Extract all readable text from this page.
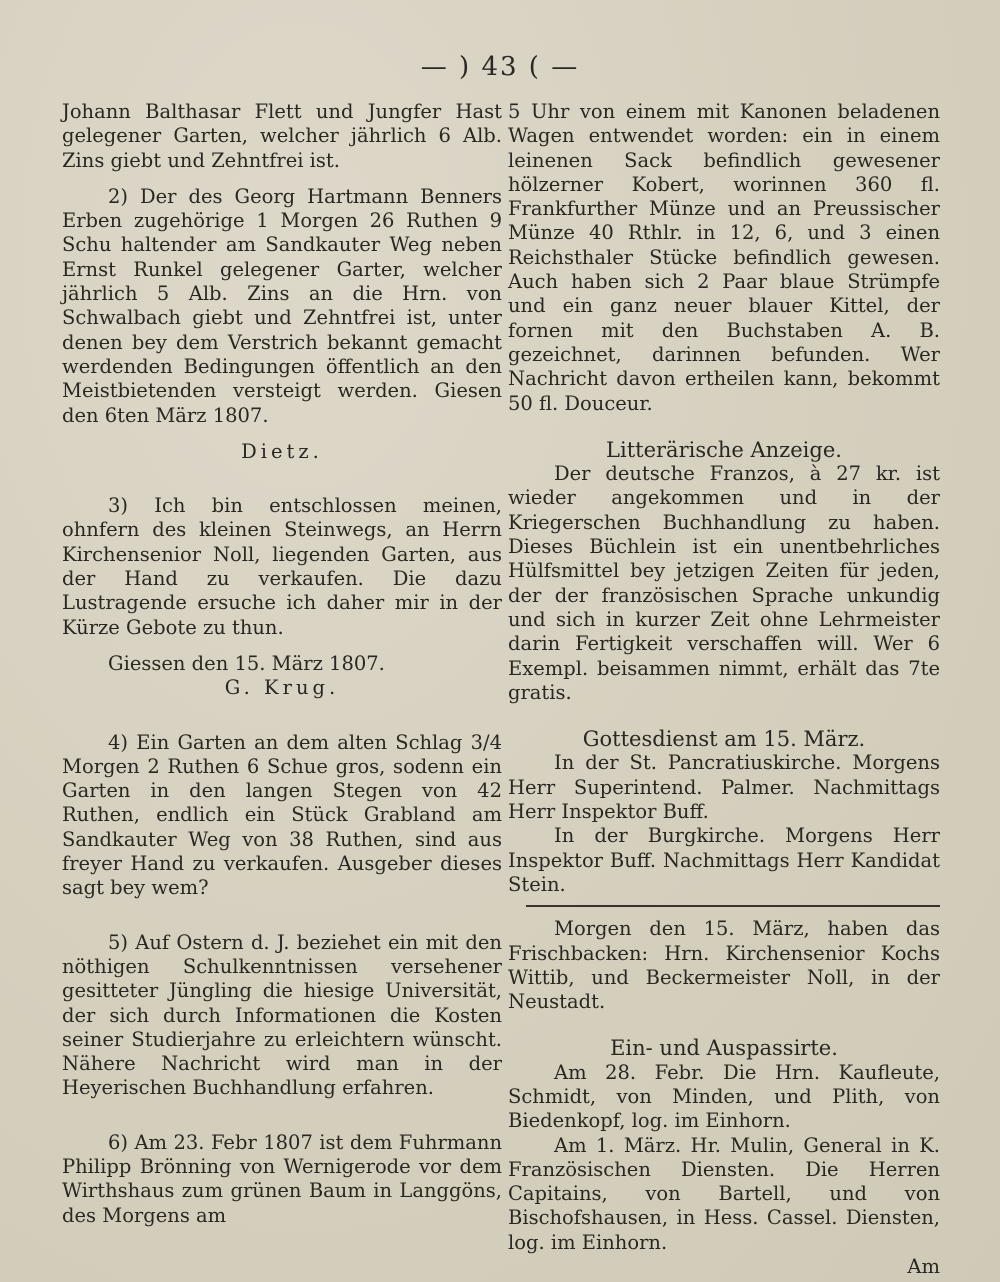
— ) 43 ( —

Johann Balthasar Flett und Jungfer Hast gelegener Garten, welcher jährlich 6 Alb. Zins giebt und Zehntfrei ist.

2) Der des Georg Hartmann Benners Erben zugehörige 1 Morgen 26 Ruthen 9 Schu haltender am Sandkauter Weg neben Ernst Runkel gelegener Garter, welcher jährlich 5 Alb. Zins an die Hrn. von Schwalbach giebt und Zehntfrei ist, unter denen bey dem Verstrich bekannt gemacht werdenden Bedingungen öffentlich an den Meistbietenden versteigt werden. Giesen den 6ten März 1807.

Dietz.

3) Ich bin entschlossen meinen, ohnfern des kleinen Steinwegs, an Herrn Kirchensenior Noll, liegenden Garten, aus der Hand zu verkaufen. Die dazu Lustragende ersuche ich daher mir in der Kürze Gebote zu thun.

Giessen den 15. März 1807.

G. Krug.

4) Ein Garten an dem alten Schlag 3/4 Morgen 2 Ruthen 6 Schue gros, sodenn ein Garten in den langen Stegen von 42 Ruthen, endlich ein Stück Grabland am Sandkauter Weg von 38 Ruthen, sind aus freyer Hand zu verkaufen. Ausgeber dieses sagt bey wem?

5) Auf Ostern d. J. beziehet ein mit den nöthigen Schulkenntnissen versehener gesitteter Jüngling die hiesige Universität, der sich durch Informationen die Kosten seiner Studierjahre zu erleichtern wünscht. Nähere Nachricht wird man in der Heyerischen Buchhandlung erfahren.

6) Am 23. Febr 1807 ist dem Fuhrmann Philipp Brönning von Wernigerode vor dem Wirthshaus zum grünen Baum in Langgöns, des Morgens am

5 Uhr von einem mit Kanonen beladenen Wagen entwendet worden: ein in einem leinenen Sack befindlich gewesener hölzerner Kobert, worinnen 360 fl. Frankfurther Münze und an Preussischer Münze 40 Rthlr. in 12, 6, und 3 einen Reichsthaler Stücke befindlich gewesen. Auch haben sich 2 Paar blaue Strümpfe und ein ganz neuer blauer Kittel, der fornen mit den Buchstaben A. B. gezeichnet, darinnen befunden. Wer Nachricht davon ertheilen kann, bekommt 50 fl. Douceur.

Litterärische Anzeige.

Der deutsche Franzos, à 27 kr. ist wieder angekommen und in der Kriegerschen Buchhandlung zu haben. Dieses Büchlein ist ein unentbehrliches Hülfsmittel bey jetzigen Zeiten für jeden, der der französischen Sprache unkundig und sich in kurzer Zeit ohne Lehrmeister darin Fertigkeit verschaffen will. Wer 6 Exempl. beisammen nimmt, erhält das 7te gratis.

Gottesdienst am 15. März.

In der St. Pancratiuskirche. Morgens Herr Superintend. Palmer. Nachmittags Herr Inspektor Buff.

In der Burgkirche. Morgens Herr Inspektor Buff. Nachmittags Herr Kandidat Stein.

Morgen den 15. März, haben das Frischbacken: Hrn. Kirchensenior Kochs Wittib, und Beckermeister Noll, in der Neustadt.

Ein- und Auspassirte.

Am 28. Febr. Die Hrn. Kaufleute, Schmidt, von Minden, und Plith, von Biedenkopf, log. im Einhorn.

Am 1. März. Hr. Mulin, General in K. Französischen Diensten. Die Herren Capitains, von Bartell, und von Bischofshausen, in Hess. Cassel. Diensten, log. im Einhorn.

Am
